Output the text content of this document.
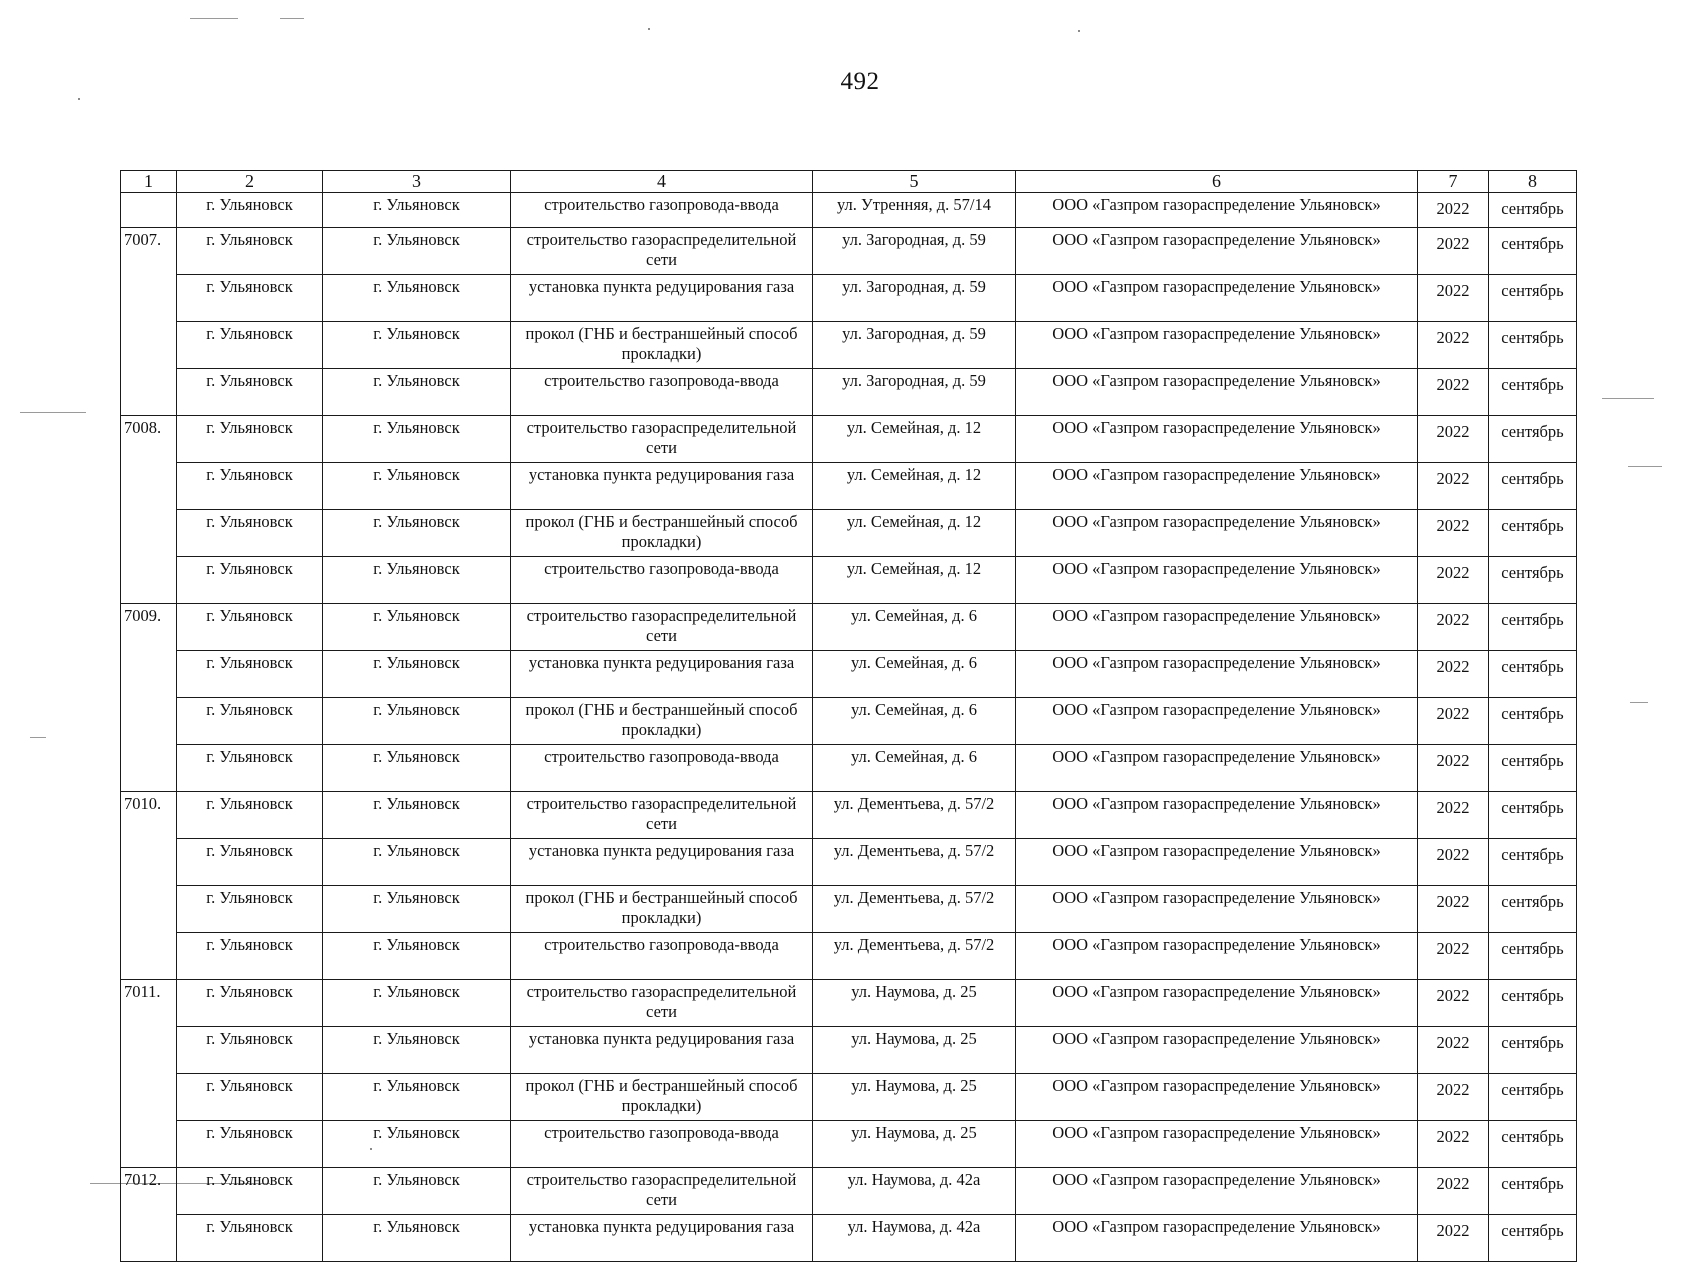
492
1	2	3	4	5	6	7	8
	г. Ульяновск	г. Ульяновск	строительство газопровода-ввода	ул. Утренняя, д. 57/14	ООО «Газпром газораспределение Ульяновск»	2022	сентябрь
7007.	г. Ульяновск	г. Ульяновск	строительство газораспределительной сети	ул. Загородная, д. 59	ООО «Газпром газораспределение Ульяновск»	2022	сентябрь
	г. Ульяновск	г. Ульяновск	установка пункта редуцирования газа	ул. Загородная, д. 59	ООО «Газпром газораспределение Ульяновск»	2022	сентябрь
	г. Ульяновск	г. Ульяновск	прокол (ГНБ и бестраншейный способ прокладки)	ул. Загородная, д. 59	ООО «Газпром газораспределение Ульяновск»	2022	сентябрь
	г. Ульяновск	г. Ульяновск	строительство газопровода-ввода	ул. Загородная, д. 59	ООО «Газпром газораспределение Ульяновск»	2022	сентябрь
7008.	г. Ульяновск	г. Ульяновск	строительство газораспределительной сети	ул. Семейная, д. 12	ООО «Газпром газораспределение Ульяновск»	2022	сентябрь
	г. Ульяновск	г. Ульяновск	установка пункта редуцирования газа	ул. Семейная, д. 12	ООО «Газпром газораспределение Ульяновск»	2022	сентябрь
	г. Ульяновск	г. Ульяновск	прокол (ГНБ и бестраншейный способ прокладки)	ул. Семейная, д. 12	ООО «Газпром газораспределение Ульяновск»	2022	сентябрь
	г. Ульяновск	г. Ульяновск	строительство газопровода-ввода	ул. Семейная, д. 12	ООО «Газпром газораспределение Ульяновск»	2022	сентябрь
7009.	г. Ульяновск	г. Ульяновск	строительство газораспределительной сети	ул. Семейная, д. 6	ООО «Газпром газораспределение Ульяновск»	2022	сентябрь
	г. Ульяновск	г. Ульяновск	установка пункта редуцирования газа	ул. Семейная, д. 6	ООО «Газпром газораспределение Ульяновск»	2022	сентябрь
	г. Ульяновск	г. Ульяновск	прокол (ГНБ и бестраншейный способ прокладки)	ул. Семейная, д. 6	ООО «Газпром газораспределение Ульяновск»	2022	сентябрь
	г. Ульяновск	г. Ульяновск	строительство газопровода-ввода	ул. Семейная, д. 6	ООО «Газпром газораспределение Ульяновск»	2022	сентябрь
7010.	г. Ульяновск	г. Ульяновск	строительство газораспределительной сети	ул. Дементьева, д. 57/2	ООО «Газпром газораспределение Ульяновск»	2022	сентябрь
	г. Ульяновск	г. Ульяновск	установка пункта редуцирования газа	ул. Дементьева, д. 57/2	ООО «Газпром газораспределение Ульяновск»	2022	сентябрь
	г. Ульяновск	г. Ульяновск	прокол (ГНБ и бестраншейный способ прокладки)	ул. Дементьева, д. 57/2	ООО «Газпром газораспределение Ульяновск»	2022	сентябрь
	г. Ульяновск	г. Ульяновск	строительство газопровода-ввода	ул. Дементьева, д. 57/2	ООО «Газпром газораспределение Ульяновск»	2022	сентябрь
7011.	г. Ульяновск	г. Ульяновск	строительство газораспределительной сети	ул. Наумова, д. 25	ООО «Газпром газораспределение Ульяновск»	2022	сентябрь
	г. Ульяновск	г. Ульяновск	установка пункта редуцирования газа	ул. Наумова, д. 25	ООО «Газпром газораспределение Ульяновск»	2022	сентябрь
	г. Ульяновск	г. Ульяновск	прокол (ГНБ и бестраншейный способ прокладки)	ул. Наумова, д. 25	ООО «Газпром газораспределение Ульяновск»	2022	сентябрь
	г. Ульяновск	г. Ульяновск	строительство газопровода-ввода	ул. Наумова, д. 25	ООО «Газпром газораспределение Ульяновск»	2022	сентябрь
7012.	г. Ульяновск	г. Ульяновск	строительство газораспределительной сети	ул. Наумова, д. 42а	ООО «Газпром газораспределение Ульяновск»	2022	сентябрь
	г. Ульяновск	г. Ульяновск	установка пункта редуцирования газа	ул. Наумова, д. 42а	ООО «Газпром газораспределение Ульяновск»	2022	сентябрь
